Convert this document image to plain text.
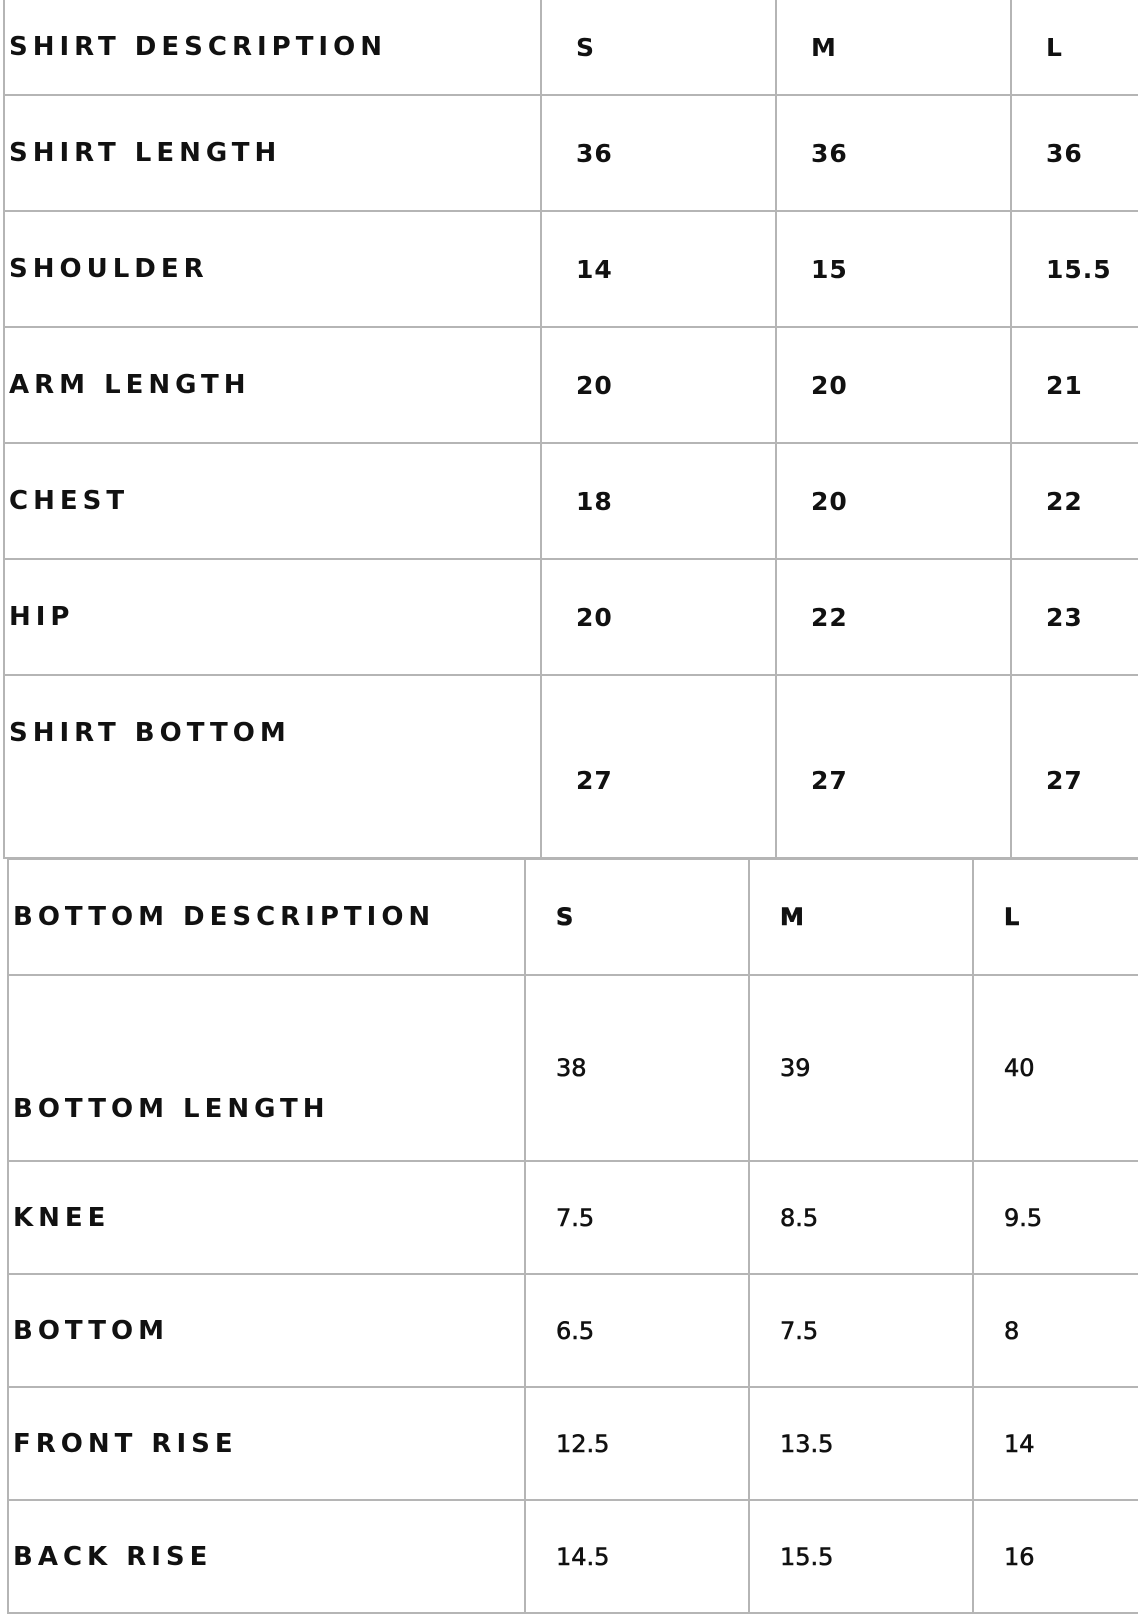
SHIRT DESCRIPTION	S	M	L
SHIRT LENGTH	36	36	36
SHOULDER	14	15	15.5
ARM LENGTH	20	20	21
CHEST	18	20	22
HIP	20	22	23
SHIRT BOTTOM	27	27	27
BOTTOM DESCRIPTION	S	M	L
BOTTOM LENGTH	38	39	40
KNEE	7.5	8.5	9.5
BOTTOM	6.5	7.5	8
FRONT RISE	12.5	13.5	14
BACK RISE	14.5	15.5	16
